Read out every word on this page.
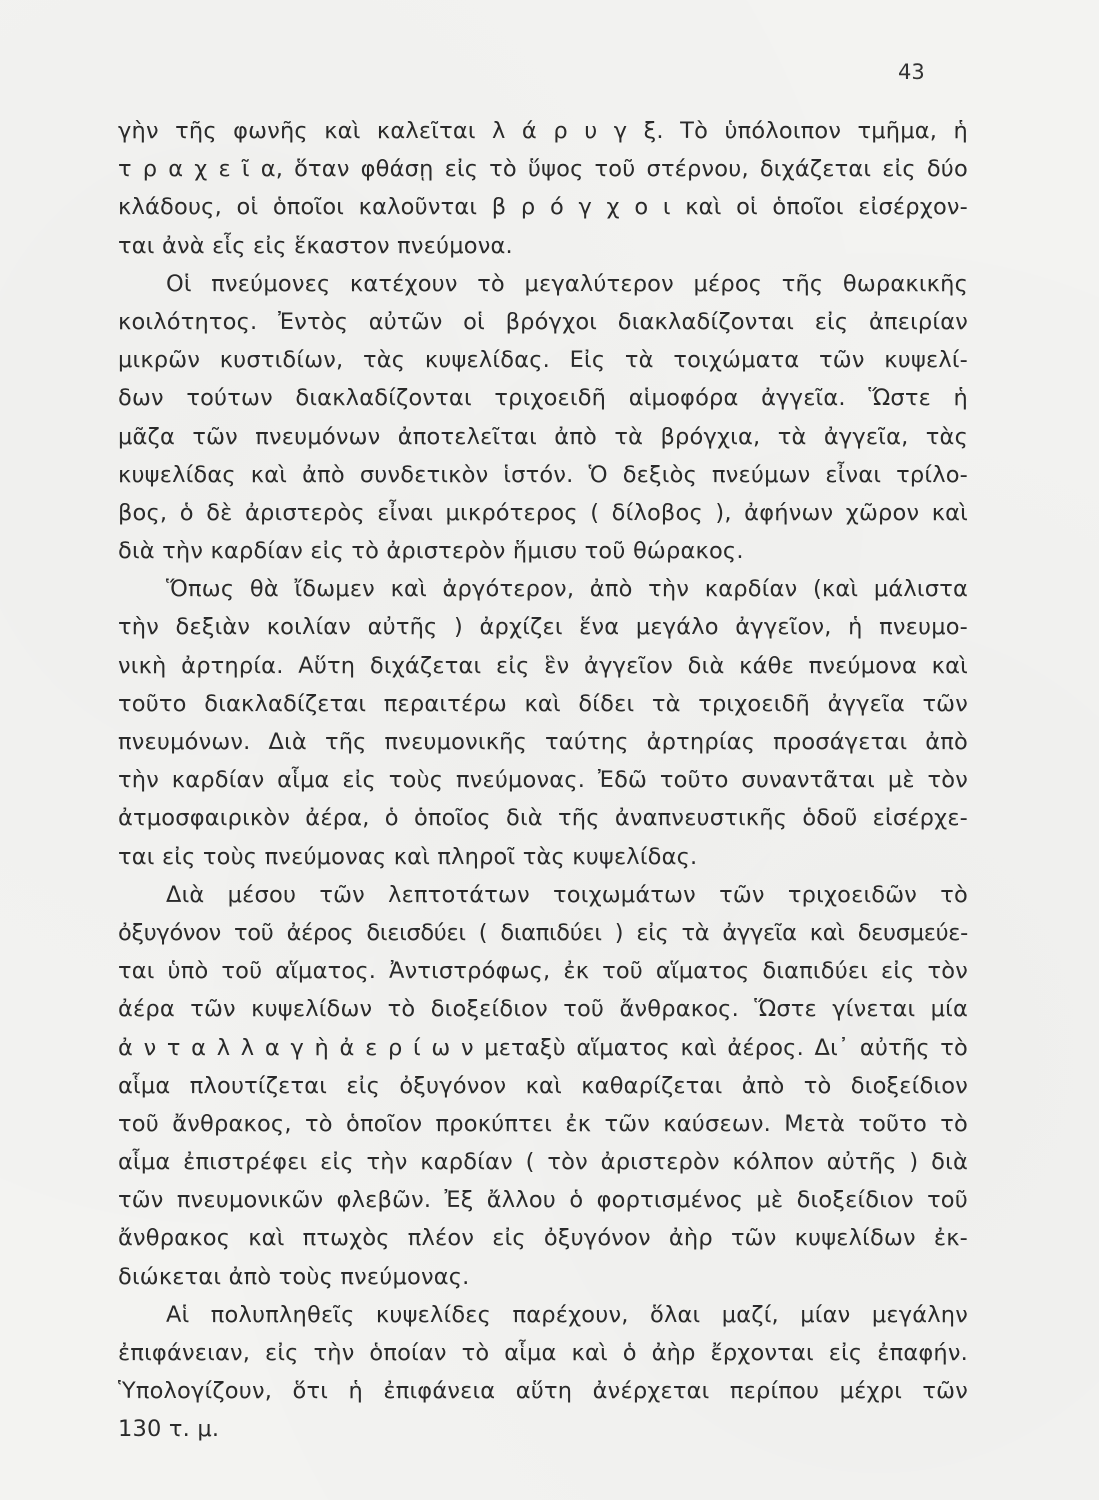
43
γὴν τῆς φωνῆς καὶ καλεῖται λ ά ρ υ γ ξ. Τὸ ὑπόλοιπον τμῆμα, ἡ
τ ρ α χ ε ῖ α, ὅταν φθάσῃ εἰς τὸ ὕψος τοῦ στέρνου, διχάζεται εἰς δύο
κλάδους, οἱ ὁποῖοι καλοῦνται β ρ ό γ χ ο ι καὶ οἱ ὁποῖοι εἰσέρχον-
ται ἀνὰ εἷς εἰς ἕκαστον πνεύμονα.
Οἱ πνεύμονες κατέχουν τὸ μεγαλύτερον μέρος τῆς θωρακικῆς
κοιλότητος. Ἐντὸς αὐτῶν οἱ βρόγχοι διακλαδίζονται εἰς ἀπειρίαν
μικρῶν κυστιδίων, τὰς κυψελίδας. Εἰς τὰ τοιχώματα τῶν κυψελί-
δων τούτων διακλαδίζονται τριχοειδῆ αἱμοφόρα ἀγγεῖα. Ὥστε ἡ
μᾶζα τῶν πνευμόνων ἀποτελεῖται ἀπὸ τὰ βρόγχια, τὰ ἀγγεῖα, τὰς
κυψελίδας καὶ ἀπὸ συνδετικὸν ἱστόν. Ὁ δεξιὸς πνεύμων εἶναι τρίλο-
βος, ὁ δὲ ἀριστερὸς εἶναι μικρότερος ( δίλοβος ), ἀφήνων χῶρον καὶ
διὰ τὴν καρδίαν εἰς τὸ ἀριστερὸν ἥμισυ τοῦ θώρακος.
Ὅπως θὰ ἴδωμεν καὶ ἀργότερον, ἀπὸ τὴν καρδίαν (καὶ μάλιστα
τὴν δεξιὰν κοιλίαν αὐτῆς ) ἀρχίζει ἕνα μεγάλο ἀγγεῖον, ἡ πνευμο-
νικὴ ἀρτηρία. Αὕτη διχάζεται εἰς ἓν ἀγγεῖον διὰ κάθε πνεύμονα καὶ
τοῦτο διακλαδίζεται περαιτέρω καὶ δίδει τὰ τριχοειδῆ ἀγγεῖα τῶν
πνευμόνων. Διὰ τῆς πνευμονικῆς ταύτης ἀρτηρίας προσάγεται ἀπὸ
τὴν καρδίαν αἷμα εἰς τοὺς πνεύμονας. Ἐδῶ τοῦτο συναντᾶται μὲ τὸν
ἀτμοσφαιρικὸν ἀέρα, ὁ ὁποῖος διὰ τῆς ἀναπνευστικῆς ὁδοῦ εἰσέρχε-
ται εἰς τοὺς πνεύμονας καὶ πληροῖ τὰς κυψελίδας.
Διὰ μέσου τῶν λεπτοτάτων τοιχωμάτων τῶν τριχοειδῶν τὸ
ὀξυγόνον τοῦ ἀέρος διεισδύει ( διαπιδύει ) εἰς τὰ ἀγγεῖα καὶ δευσμεύε-
ται ὑπὸ τοῦ αἵματος. Ἀντιστρόφως, ἐκ τοῦ αἵματος διαπιδύει εἰς τὸν
ἀέρα τῶν κυψελίδων τὸ διοξείδιον τοῦ ἄνθρακος. Ὥστε γίνεται μία
ἀ ν τ α λ λ α γ ὴ ἀ ε ρ ί ω ν μεταξὺ αἵματος καὶ ἀέρος. Δι᾽ αὐτῆς τὸ
αἷμα πλουτίζεται εἰς ὀξυγόνον καὶ καθαρίζεται ἀπὸ τὸ διοξείδιον
τοῦ ἄνθρακος, τὸ ὁποῖον προκύπτει ἐκ τῶν καύσεων. Μετὰ τοῦτο τὸ
αἷμα ἐπιστρέφει εἰς τὴν καρδίαν ( τὸν ἀριστερὸν κόλπον αὐτῆς ) διὰ
τῶν πνευμονικῶν φλεβῶν. Ἐξ ἄλλου ὁ φορτισμένος μὲ διοξείδιον τοῦ
ἄνθρακος καὶ πτωχὸς πλέον εἰς ὀξυγόνον ἀὴρ τῶν κυψελίδων ἐκ-
διώκεται ἀπὸ τοὺς πνεύμονας.
Αἱ πολυπληθεῖς κυψελίδες παρέχουν, ὅλαι μαζί, μίαν μεγάλην
ἐπιφάνειαν, εἰς τὴν ὁποίαν τὸ αἷμα καὶ ὁ ἀὴρ ἔρχονται εἰς ἐπαφήν.
Ὑπολογίζουν, ὅτι ἡ ἐπιφάνεια αὕτη ἀνέρχεται περίπου μέχρι τῶν
130 τ. μ.
